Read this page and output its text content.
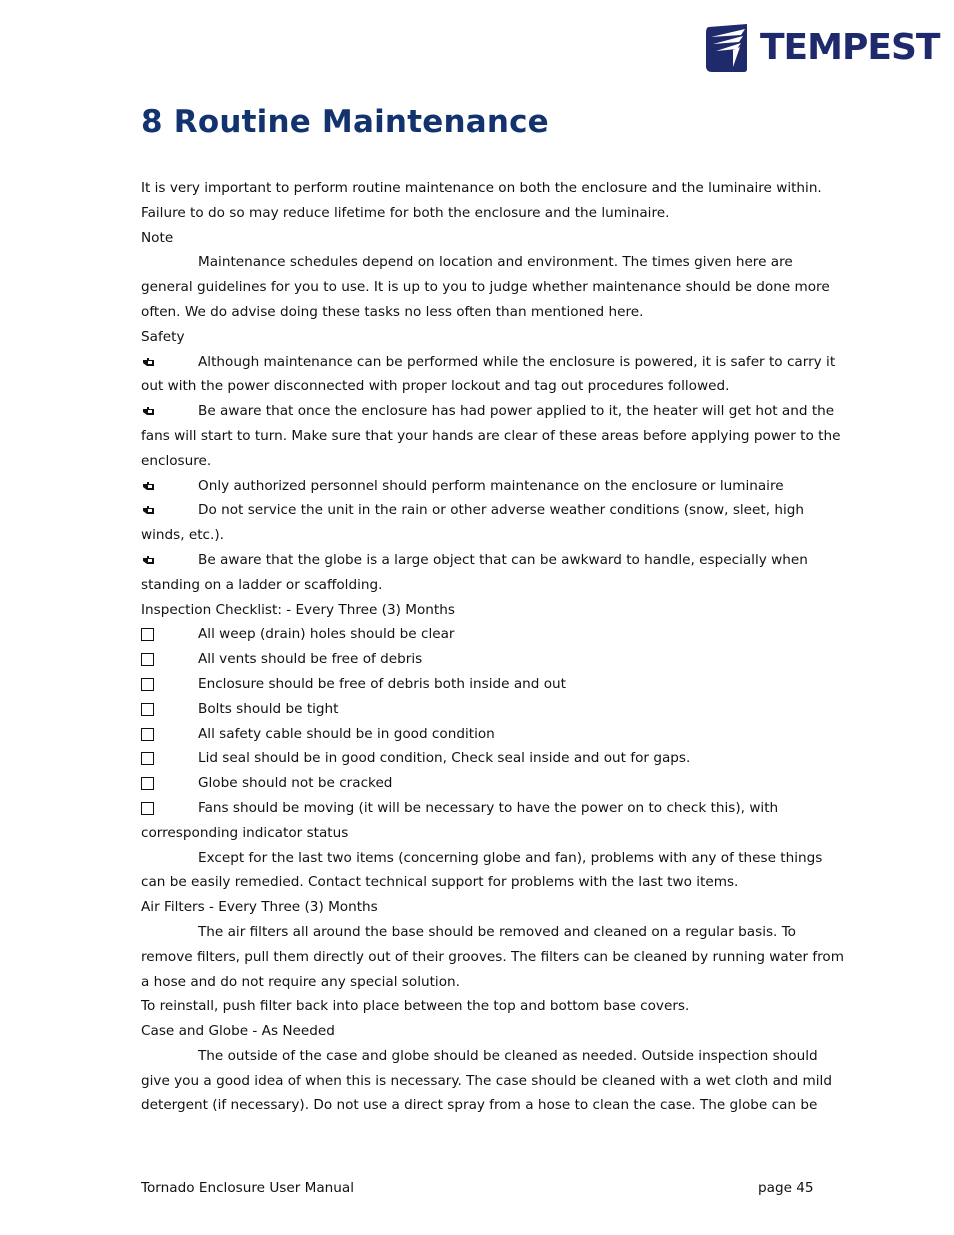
TEMPEST
8 Routine Maintenance

It is very important to perform routine maintenance on both the enclosure and the luminaire within.

Failure to do so may reduce lifetime for both the enclosure and the luminaire.

Note

Maintenance schedules depend on location and environment. The times given here are general guidelines for you to use. It is up to you to judge whether maintenance should be done more often. We do advise doing these tasks no less often than mentioned here.

Safety

Although maintenance can be performed while the enclosure is powered, it is safer to carry it out with the power disconnected with proper lockout and tag out procedures followed.

Be aware that once the enclosure has had power applied to it, the heater will get hot and the fans will start to turn. Make sure that your hands are clear of these areas before applying power to the enclosure.

Only authorized personnel should perform maintenance on the enclosure or luminaire

Do not service the unit in the rain or other adverse weather conditions (snow, sleet, high winds, etc.).

Be aware that the globe is a large object that can be awkward to handle, especially when standing on a ladder or scaffolding.

Inspection Checklist: - Every Three (3) Months

All weep (drain) holes should be clear

All vents should be free of debris

Enclosure should be free of debris both inside and out

Bolts should be tight

All safety cable should be in good condition

Lid seal should be in good condition, Check seal inside and out for gaps.

Globe should not be cracked

Fans should be moving (it will be necessary to have the power on to check this), with corresponding indicator status

Except for the last two items (concerning globe and fan), problems with any of these things can be easily remedied. Contact technical support for problems with the last two items.

Air Filters - Every Three (3) Months

The air filters all around the base should be removed and cleaned on a regular basis. To remove filters, pull them directly out of their grooves. The filters can be cleaned by running water from a hose and do not require any special solution.

To reinstall, push filter back into place between the top and bottom base covers.

Case and Globe - As Needed

The outside of the case and globe should be cleaned as needed. Outside inspection should give you a good idea of when this is necessary. The case should be cleaned with a wet cloth and mild detergent (if necessary). Do not use a direct spray from a hose to clean the case. The globe can be

Tornado Enclosure User Manual	page 45
